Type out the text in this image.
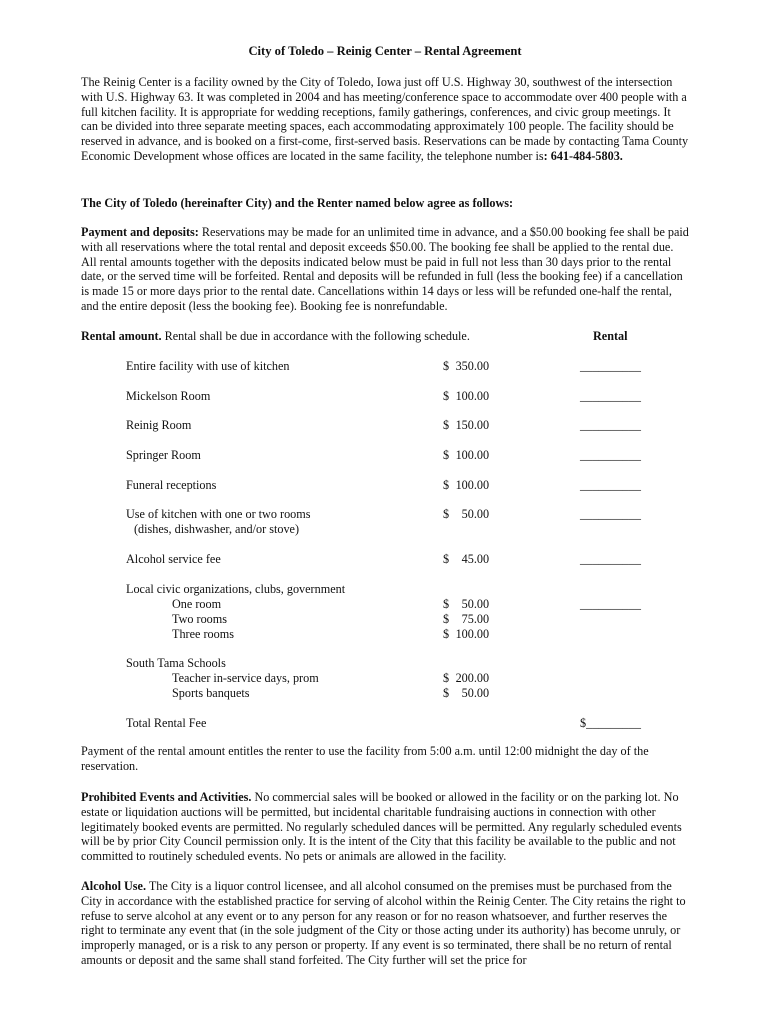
City of Toledo – Reinig Center – Rental Agreement

The Reinig Center is a facility owned by the City of Toledo, Iowa just off U.S. Highway 30, southwest of the intersection with U.S. Highway 63. It was completed in 2004 and has meeting/conference space to accommodate over 400 people with a full kitchen facility. It is appropriate for wedding receptions, family gatherings, conferences, and civic group meetings. It can be divided into three separate meeting spaces, each accommodating approximately 100 people. The facility should be reserved in advance, and is booked on a first-come, first-served basis. Reservations can be made by contacting Tama County Economic Development whose offices are located in the same facility, the telephone number is: 641-484-5803.

The City of Toledo (hereinafter City) and the Renter named below agree as follows:

Payment and deposits: Reservations may be made for an unlimited time in advance, and a $50.00 booking fee shall be paid with all reservations where the total rental and deposit exceeds $50.00. The booking fee shall be applied to the rental due. All rental amounts together with the deposits indicated below must be paid in full not less than 30 days prior to the rental date, or the served time will be forfeited. Rental and deposits will be refunded in full (less the booking fee) if a cancellation is made 15 or more days prior to the rental date. Cancellations within 14 days or less will be refunded one-half the rental, and the entire deposit (less the booking fee). Booking fee is nonrefundable.

Rental amount. Rental shall be due in accordance with the following schedule.	Rental
Entire facility with use of kitchen	$ 350.00	__________
Mickelson Room	$ 100.00	__________
Reinig Room	$ 150.00	__________
Springer Room	$ 100.00	__________
Funeral receptions	$ 100.00	__________
Use of kitchen with one or two rooms	$ 50.00	__________
(dishes, dishwasher, and/or stove)
Alcohol service fee	$ 45.00	__________
Local civic organizations, clubs, government
One room	$ 50.00	__________
Two rooms	$ 75.00
Three rooms	$ 100.00
South Tama Schools
Teacher in-service days, prom	$ 200.00
Sports banquets	$ 50.00
Total Rental Fee	$_________

Payment of the rental amount entitles the renter to use the facility from 5:00 a.m. until 12:00 midnight the day of the reservation.

Prohibited Events and Activities. No commercial sales will be booked or allowed in the facility or on the parking lot. No estate or liquidation auctions will be permitted, but incidental charitable fundraising auctions in connection with other legitimately booked events are permitted. No regularly scheduled dances will be permitted. Any regularly scheduled events will be by prior City Council permission only. It is the intent of the City that this facility be available to the public and not committed to routinely scheduled events. No pets or animals are allowed in the facility.

Alcohol Use. The City is a liquor control licensee, and all alcohol consumed on the premises must be purchased from the City in accordance with the established practice for serving of alcohol within the Reinig Center. The City retains the right to refuse to serve alcohol at any event or to any person for any reason or for no reason whatsoever, and further reserves the right to terminate any event that (in the sole judgment of the City or those acting under its authority) has become unruly, or improperly managed, or is a risk to any person or property. If any event is so terminated, there shall be no return of rental amounts or deposit and the same shall stand forfeited. The City further will set the price for
